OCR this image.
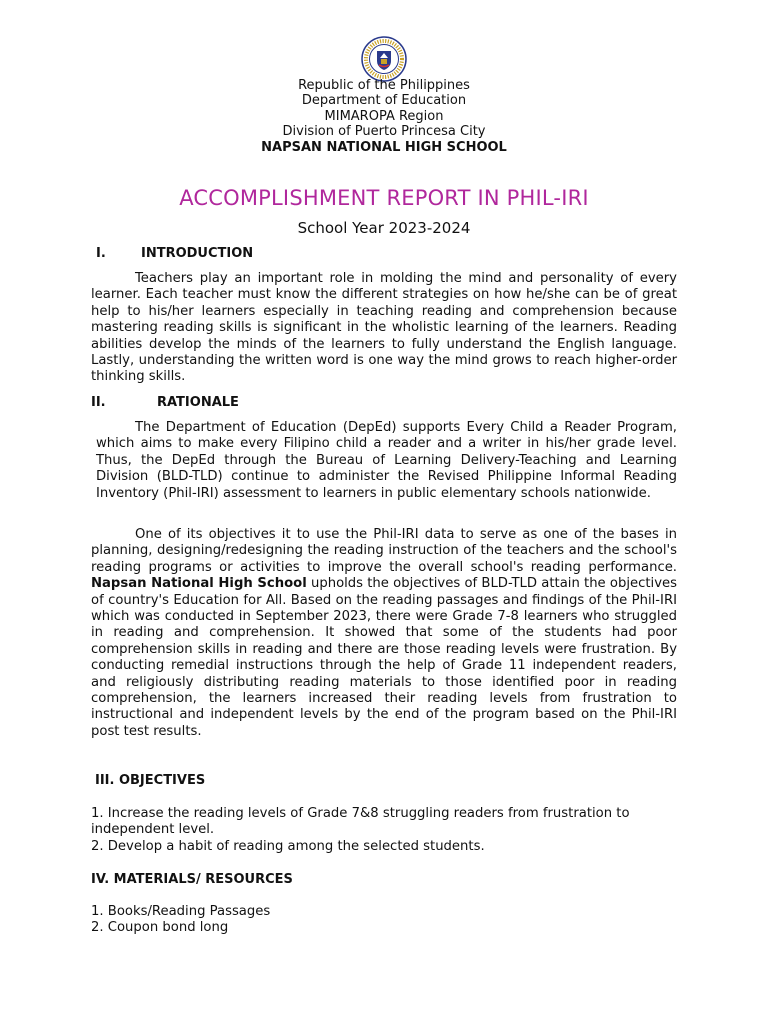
Republic of the Philippines
Department of Education
MIMAROPA Region
Division of Puerto Princesa City
NAPSAN NATIONAL HIGH SCHOOL
ACCOMPLISHMENT REPORT IN PHIL-IRI
School Year 2023-2024
I.	INTRODUCTION

Teachers play an important role in molding the mind and personality of every learner. Each teacher must know the different strategies on how he/she can be of great help to his/her learners especially in teaching reading and comprehension because mastering reading skills is significant in the wholistic learning of the learners. Reading abilities develop the minds of the learners to fully understand the English language. Lastly, understanding the written word is one way the mind grows to reach higher-order thinking skills.

II.	RATIONALE

The Department of Education (DepEd) supports Every Child a Reader Program, which aims to make every Filipino child a reader and a writer in his/her grade level. Thus, the DepEd through the Bureau of Learning Delivery-Teaching and Learning Division (BLD-TLD) continue to administer the Revised Philippine Informal Reading Inventory (Phil-IRI) assessment to learners in public elementary schools nationwide.

One of its objectives it to use the Phil-IRI data to serve as one of the bases in planning, designing/redesigning the reading instruction of the teachers and the school's reading programs or activities to improve the overall school's reading performance. Napsan National High School upholds the objectives of BLD-TLD attain the objectives of country's Education for All. Based on the reading passages and findings of the Phil-IRI which was conducted in September 2023, there were Grade 7-8 learners who struggled in reading and comprehension. It showed that some of the students had poor comprehension skills in reading and there are those reading levels were frustration. By conducting remedial instructions through the help of Grade 11 independent readers, and religiously distributing reading materials to those identified poor in reading comprehension, the learners increased their reading levels from frustration to instructional and independent levels by the end of the program based on the Phil-IRI post test results.

III. OBJECTIVES
1. Increase the reading levels of Grade 7&8 struggling readers from frustration to independent level.
2. Develop a habit of reading among the selected students.
IV. MATERIALS/ RESOURCES
1. Books/Reading Passages
2. Coupon bond long
